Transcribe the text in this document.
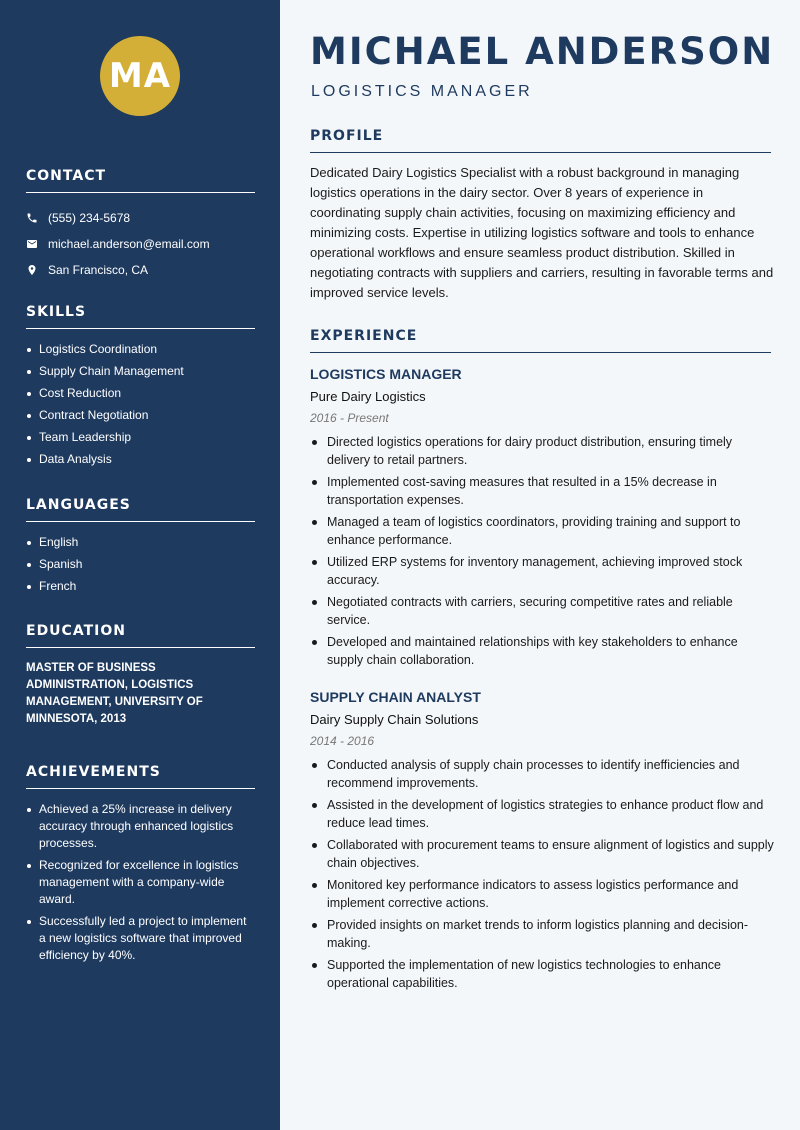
MA
CONTACT
(555) 234-5678
michael.anderson@email.com
San Francisco, CA
SKILLS
Logistics Coordination
Supply Chain Management
Cost Reduction
Contract Negotiation
Team Leadership
Data Analysis
LANGUAGES
English
Spanish
French
EDUCATION
MASTER OF BUSINESS ADMINISTRATION, LOGISTICS MANAGEMENT, UNIVERSITY OF MINNESOTA, 2013
ACHIEVEMENTS
Achieved a 25% increase in delivery accuracy through enhanced logistics processes.
Recognized for excellence in logistics management with a company-wide award.
Successfully led a project to implement a new logistics software that improved efficiency by 40%.
MICHAEL ANDERSON
LOGISTICS MANAGER
PROFILE
Dedicated Dairy Logistics Specialist with a robust background in managing logistics operations in the dairy sector. Over 8 years of experience in coordinating supply chain activities, focusing on maximizing efficiency and minimizing costs. Expertise in utilizing logistics software and tools to enhance operational workflows and ensure seamless product distribution. Skilled in negotiating contracts with suppliers and carriers, resulting in favorable terms and improved service levels.
EXPERIENCE
LOGISTICS MANAGER
Pure Dairy Logistics
2016 - Present
Directed logistics operations for dairy product distribution, ensuring timely delivery to retail partners.
Implemented cost-saving measures that resulted in a 15% decrease in transportation expenses.
Managed a team of logistics coordinators, providing training and support to enhance performance.
Utilized ERP systems for inventory management, achieving improved stock accuracy.
Negotiated contracts with carriers, securing competitive rates and reliable service.
Developed and maintained relationships with key stakeholders to enhance supply chain collaboration.
SUPPLY CHAIN ANALYST
Dairy Supply Chain Solutions
2014 - 2016
Conducted analysis of supply chain processes to identify inefficiencies and recommend improvements.
Assisted in the development of logistics strategies to enhance product flow and reduce lead times.
Collaborated with procurement teams to ensure alignment of logistics and supply chain objectives.
Monitored key performance indicators to assess logistics performance and implement corrective actions.
Provided insights on market trends to inform logistics planning and decision-making.
Supported the implementation of new logistics technologies to enhance operational capabilities.
